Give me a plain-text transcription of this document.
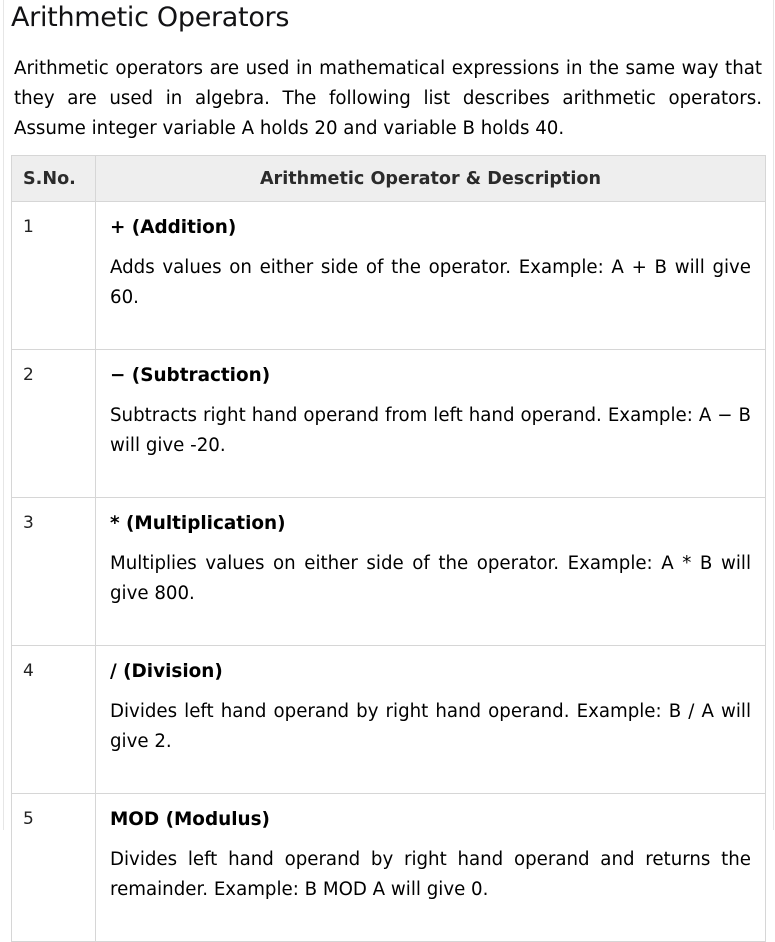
Arithmetic Operators

Arithmetic operators are used in mathematical expressions in the same way that they are used in algebra. The following list describes arithmetic operators. Assume integer variable A holds 20 and variable B holds 40.

S.No.	Arithmetic Operator & Description
1	+ (Addition)

Adds values on either side of the operator. Example: A + B will give 60.

2	− (Subtraction)

Subtracts right hand operand from left hand operand. Example: A − B will give -20.

3	* (Multiplication)

Multiplies values on either side of the operator. Example: A * B will give 800.

4	/ (Division)

Divides left hand operand by right hand operand. Example: B / A will give 2.

5	MOD (Modulus)

Divides left hand operand by right hand operand and returns the remainder. Example: B MOD A will give 0.
